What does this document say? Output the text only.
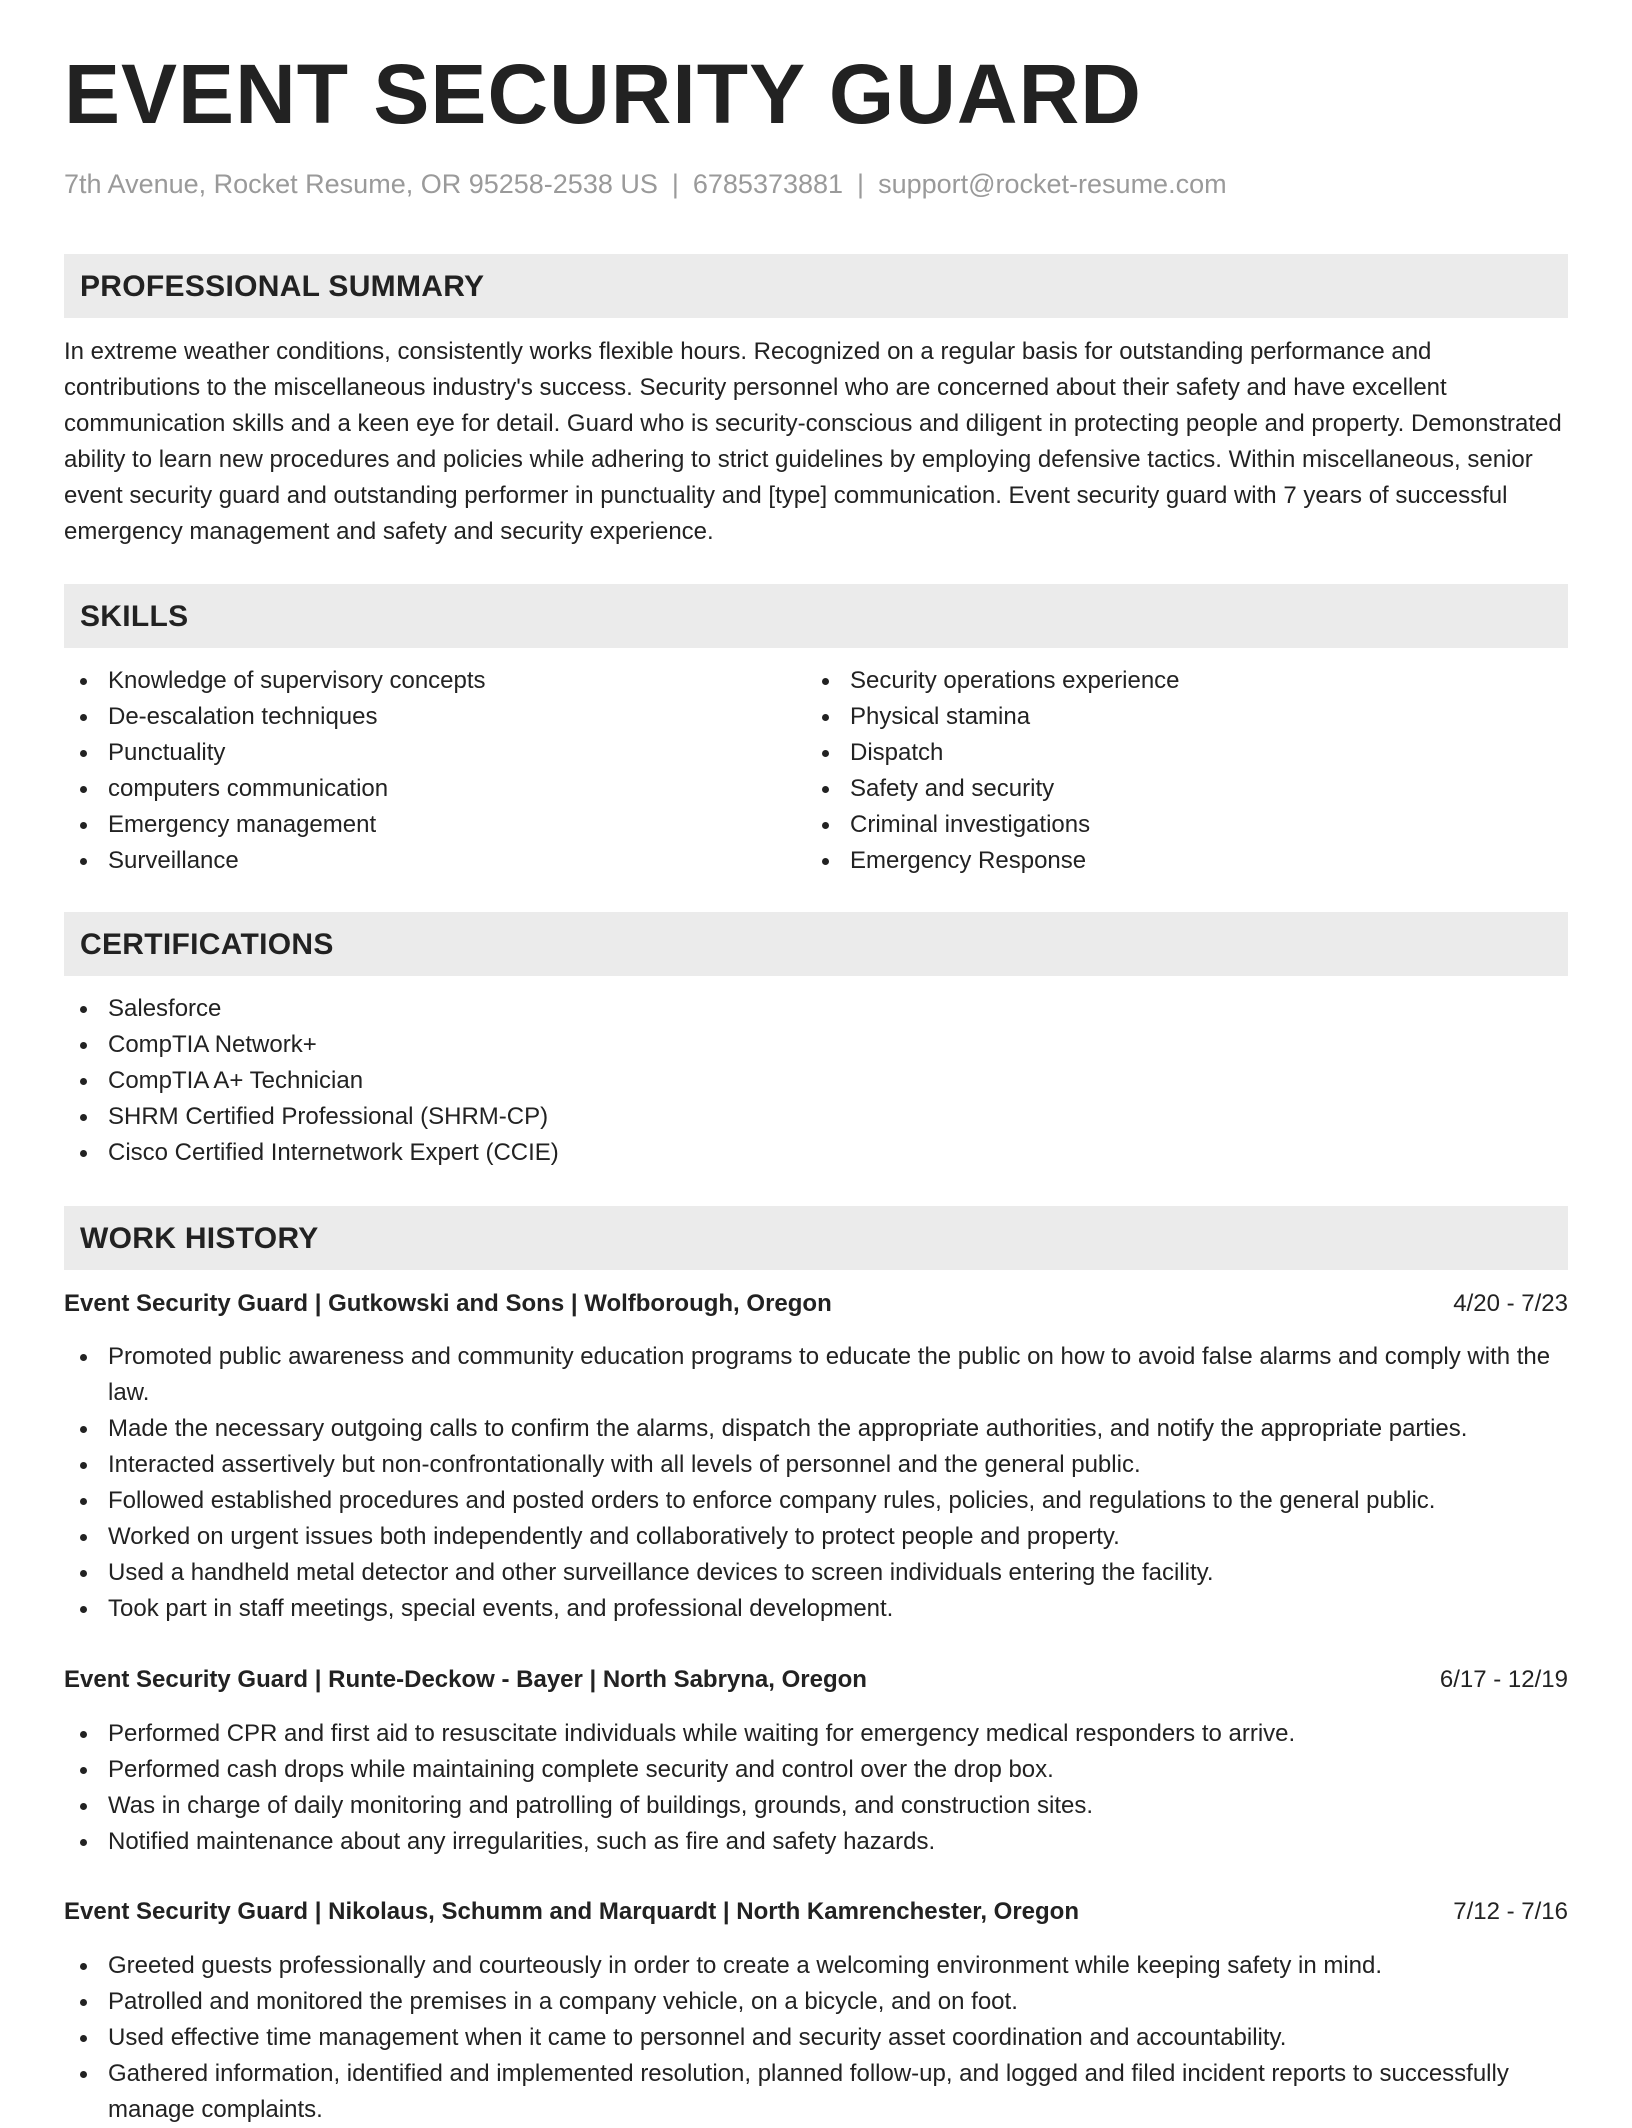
EVENT SECURITY GUARD
7th Avenue, Rocket Resume, OR 95258-2538 US | 6785373881 | support@rocket-resume.com
PROFESSIONAL SUMMARY
In extreme weather conditions, consistently works flexible hours. Recognized on a regular basis for outstanding performance and contributions to the miscellaneous industry's success. Security personnel who are concerned about their safety and have excellent communication skills and a keen eye for detail. Guard who is security-conscious and diligent in protecting people and property. Demonstrated ability to learn new procedures and policies while adhering to strict guidelines by employing defensive tactics. Within miscellaneous, senior event security guard and outstanding performer in punctuality and [type] communication. Event security guard with 7 years of successful emergency management and safety and security experience.
SKILLS
Knowledge of supervisory concepts
De-escalation techniques
Punctuality
computers communication
Emergency management
Surveillance
Security operations experience
Physical stamina
Dispatch
Safety and security
Criminal investigations
Emergency Response
CERTIFICATIONS
Salesforce
CompTIA Network+
CompTIA A+ Technician
SHRM Certified Professional (SHRM-CP)
Cisco Certified Internetwork Expert (CCIE)
WORK HISTORY
Event Security Guard | Gutkowski and Sons | Wolfborough, Oregon	4/20 - 7/23
Promoted public awareness and community education programs to educate the public on how to avoid false alarms and comply with the law.
Made the necessary outgoing calls to confirm the alarms, dispatch the appropriate authorities, and notify the appropriate parties.
Interacted assertively but non-confrontationally with all levels of personnel and the general public.
Followed established procedures and posted orders to enforce company rules, policies, and regulations to the general public.
Worked on urgent issues both independently and collaboratively to protect people and property.
Used a handheld metal detector and other surveillance devices to screen individuals entering the facility.
Took part in staff meetings, special events, and professional development.
Event Security Guard | Runte-Deckow - Bayer | North Sabryna, Oregon	6/17 - 12/19
Performed CPR and first aid to resuscitate individuals while waiting for emergency medical responders to arrive.
Performed cash drops while maintaining complete security and control over the drop box.
Was in charge of daily monitoring and patrolling of buildings, grounds, and construction sites.
Notified maintenance about any irregularities, such as fire and safety hazards.
Event Security Guard | Nikolaus, Schumm and Marquardt | North Kamrenchester, Oregon	7/12 - 7/16
Greeted guests professionally and courteously in order to create a welcoming environment while keeping safety in mind.
Patrolled and monitored the premises in a company vehicle, on a bicycle, and on foot.
Used effective time management when it came to personnel and security asset coordination and accountability.
Gathered information, identified and implemented resolution, planned follow-up, and logged and filed incident reports to successfully manage complaints.
